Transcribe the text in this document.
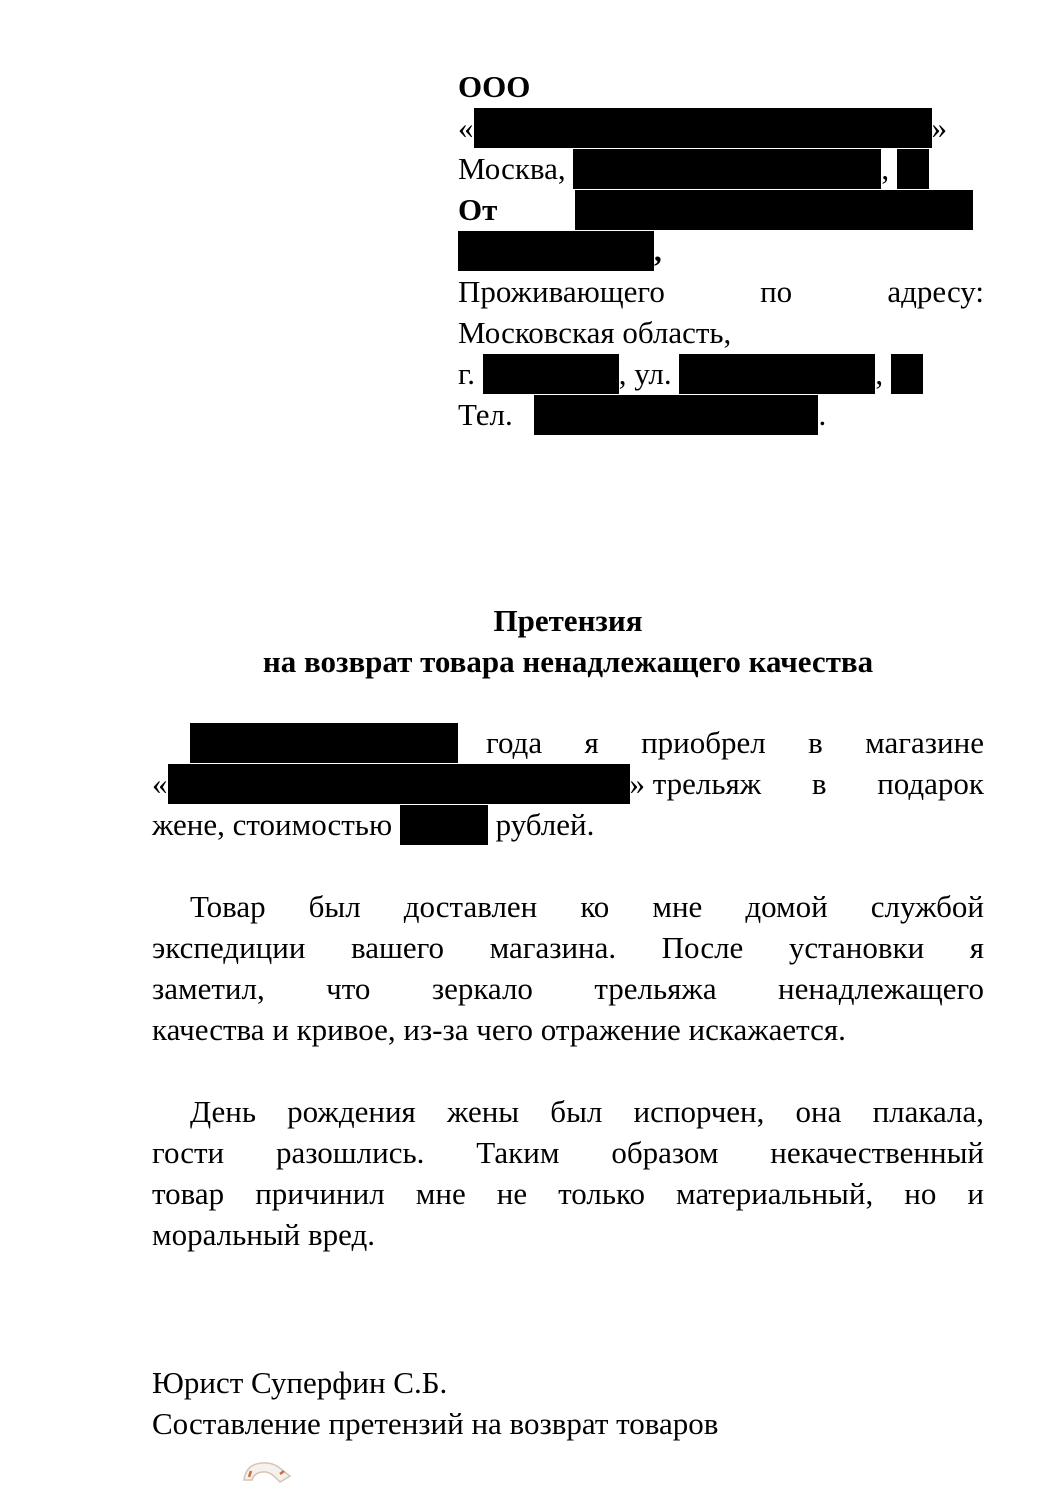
ООО
«	»
Москва,	,
От
,
Проживающего	по	адресу:
Московская область,
г.	, ул.	,
Тел.	.
Претензия
на возврат товара ненадлежащего качества
года я приобрел в магазине
«	» трельяж в подарок
жене, стоимостью	рублей.
Товар был доставлен ко мне домой службой
экспедиции вашего магазина. После установки я
заметил, что зеркало трельяжа ненадлежащего
качества и кривое, из-за чего отражение искажается.
День рождения жены был испорчен, она плакала,
гости разошлись. Таким образом некачественный
товар причинил мне не только материальный, но и
моральный вред.
Юрист Суперфин С.Б.
Составление претензий на возврат товаров
